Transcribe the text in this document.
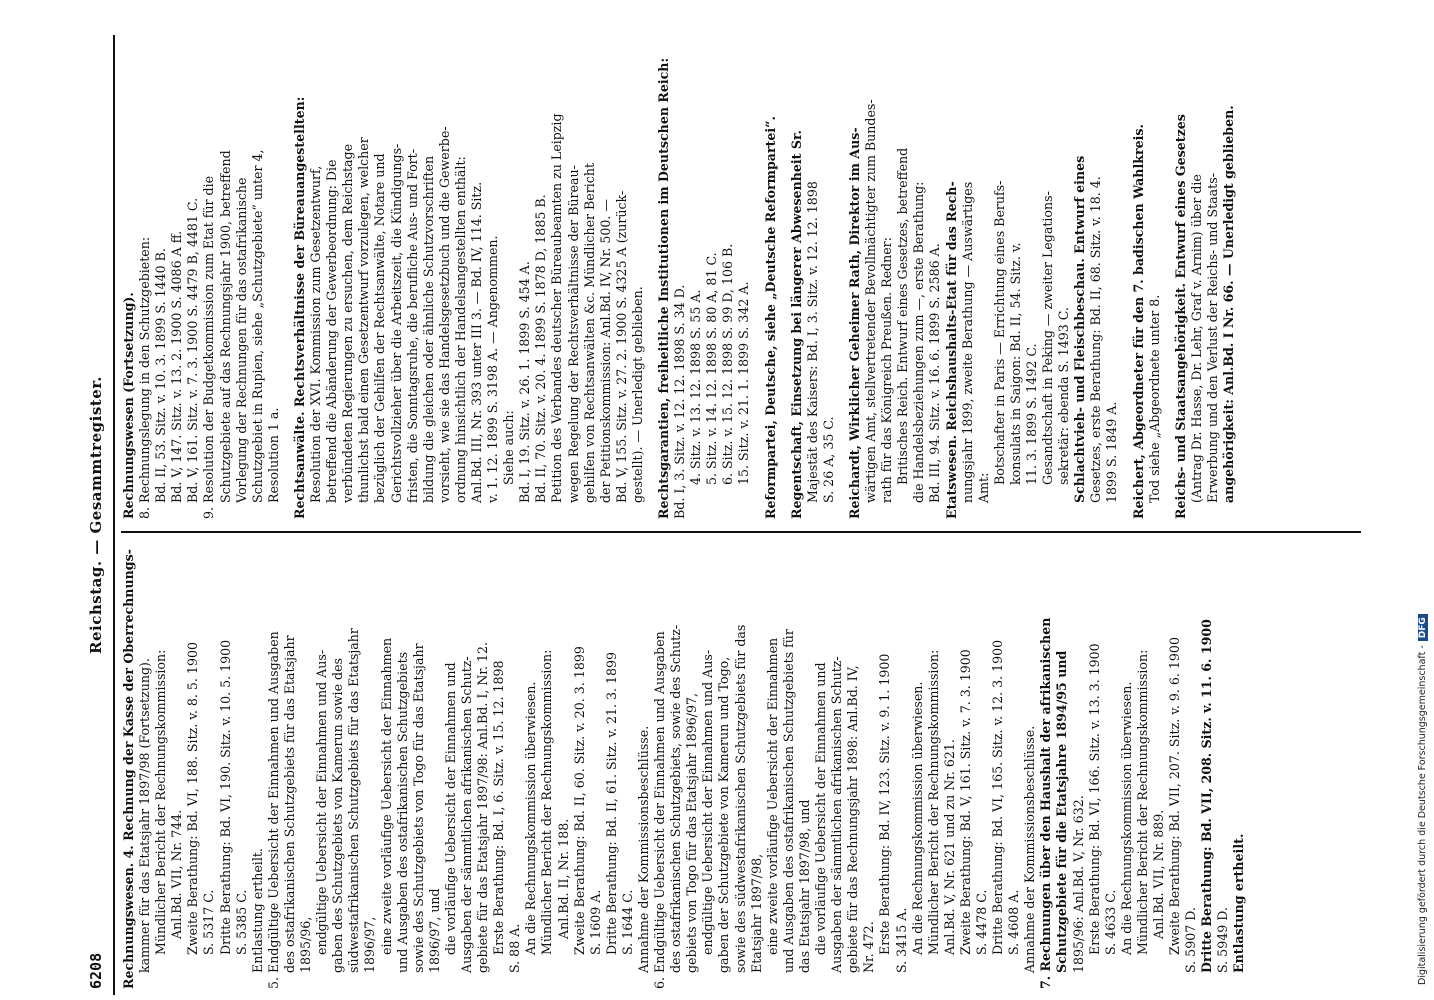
6208
Reichstag. — Gesammtregister.
Rechnungswesen. 4. Rechnung der Kasse der Oberrechnungs- kammer für das Etatsjahr 1897/98 (Fortsetzung). Mündlicher Bericht der Rechnungskommission: Anl.Bd. VII, Nr. 744. Zweite Berathung: Bd. VI, 188. Sitz. v. 8. 5. 1900 S. 5317 C. Dritte Berathung: Bd. VI, 190. Sitz. v. 10. 5. 1900 S. 5385 C. Entlastung ertheilt. 5. Endgültige Uebersicht der Einnahmen und Ausgaben des ostafrikanischen Schutzgebiets für das Etatsjahr 1895/96, endgültige Uebersicht der Einnahmen und Aus- gaben des Schutzgebiets von Kamerun sowie des südwestafrikanischen Schutzgebiets für das Etatsjahr 1896/97, eine zweite vorläufige Uebersicht der Einnahmen und Ausgaben des ostafrikanischen Schutzgebiets sowie des Schutzgebiets von Togo für das Etatsjahr 1896/97, und die vorläufige Uebersicht der Einnahmen und Ausgaben der sämmtlichen afrikanischen Schutz- gebiete für das Etatsjahr 1897/98: Anl.Bd. I, Nr. 12. Erste Berathung: Bd. I, 6. Sitz. v. 15. 12. 1898 S. 88 A. An die Rechnungskommission überwiesen. Mündlicher Bericht der Rechnungskommission: Anl.Bd. II, Nr. 188. Zweite Berathung: Bd. II, 60. Sitz. v. 20. 3. 1899 S. 1609 A. Dritte Berathung: Bd. II, 61. Sitz. v. 21. 3. 1899 S. 1644 C. Annahme der Kommissionsbeschlüsse. 6. Endgültige Uebersicht der Einnahmen und Ausgaben des ostafrikanischen Schutzgebiets, sowie des Schutz- gebiets von Togo für das Etatsjahr 1896/97, endgültige Uebersicht der Einnahmen und Aus- gaben der Schutzgebiete von Kamerun und Togo, sowie des südwestafrikanischen Schutzgebiets für das Etatsjahr 1897/98, eine zweite vorläufige Uebersicht der Einnahmen und Ausgaben des ostafrikanischen Schutzgebiets für das Etatsjahr 1897/98, und die vorläufige Uebersicht der Einnahmen und Ausgaben der sämmtlichen afrikanischen Schutz- gebiete für das Rechnungsjahr 1898: Anl.Bd. IV, Nr. 472. Erste Berathung: Bd. IV, 123. Sitz. v. 9. 1. 1900 S. 3415 A. An die Rechnungskommission überwiesen. Mündlicher Bericht der Rechnungskommission: Anl.Bd. V, Nr. 621 und zu Nr. 621. Zweite Berathung: Bd. V, 161. Sitz. v. 7. 3. 1900 S. 4478 C. Dritte Berathung: Bd. VI, 165. Sitz. v. 12. 3. 1900 S. 4608 A. Annahme der Kommissionsbeschlüsse. 7. Rechnungen über den Haushalt der afrikanischen Schutzgebiete für die Etatsjahre 1894/95 und 1895/96: Anl.Bd. V, Nr. 632. Erste Berathung: Bd. VI, 166. Sitz. v. 13. 3. 1900 S. 4633 C. An die Rechnungskommission überwiesen. Mündlicher Bericht der Rechnungskommission: Anl.Bd. VII, Nr. 889. Zweite Berathung: Bd. VII, 207. Sitz. v. 9. 6. 1900 S. 5907 D. Dritte Berathung: Bd. VII, 208. Sitz. v. 11. 6. 1900 S. 5949 D. Entlastung ertheilt.
Rechnungswesen (Fortsetzung). 8. Rechnungslegung in den Schutzgebieten: Bd. II, 53. Sitz. v. 10. 3. 1899 S. 1440 B. Bd. V, 147. Sitz. v. 13. 2. 1900 S. 4086 A ff. Bd. V, 161. Sitz. v. 7. 3. 1900 S. 4479 B, 4481 C. 9. Resolution der Budgetkommission zum Etat für die Schutzgebiete auf das Rechnungsjahr 1900, betreffend Vorlegung der Rechnungen für das ostafrikanische Schutzgebiet in Rupien, siehe „Schutzgebiete“ unter 4, Resolution 1 a. Rechtsanwälte. Rechtsverhältnisse der Büreauangestellten: Resolution der XVI. Kommission zum Gesetzentwurf, betreffend die Abänderung der Gewerbeordnung: Die verbündeten Regierungen zu ersuchen, dem Reichstage thunlichst bald einen Gesetzentwurf vorzulegen, welcher bezüglich der Gehilfen der Rechtsanwälte, Notare und Gerichtsvollzieher über die Arbeitszeit, die Kündigungs- fristen, die Sonntagsruhe, die berufliche Aus- und Fort- bildung die gleichen oder ähnliche Schutzvorschriften vorsieht, wie sie das Handelsgesetzbuch und die Gewerbe- ordnung hinsichtlich der Handelsangestellten enthält: Anl.Bd. III, Nr. 393 unter III 3. — Bd. IV, 114. Sitz. v. 1. 12. 1899 S. 3198 A. — Angenommen. Siehe auch: Bd. I, 19. Sitz. v. 26. 1. 1899 S. 454 A. Bd. II, 70. Sitz. v. 20. 4. 1899 S. 1878 D, 1885 B. Petition des Verbandes deutscher Büreaubeamten zu Leipzig wegen Regelung der Rechtsverhältnisse der Büreau- gehilfen von Rechtsanwälten &c. Mündlicher Bericht der Petitionskommission: Anl.Bd. IV, Nr. 500. — Bd. V, 155. Sitz. v. 27. 2. 1900 S. 4325 A (zurück- gestellt). — Unerledigt geblieben. Rechtsgarantien, freiheitliche Institutionen im Deutschen Reich: Bd. I, 3. Sitz. v. 12. 12. 1898 S. 34 D. 4. Sitz. v. 13. 12. 1898 S. 55 A. 5. Sitz. v. 14. 12. 1898 S. 80 A, 81 C. 6. Sitz. v. 15. 12. 1898 S. 99 D, 106 B. 15. Sitz. v. 21. 1. 1899 S. 342 A. Reformpartei, Deutsche, siehe „Deutsche Reformpartei“. Regentschaft, Einsetzung bei längerer Abwesenheit Sr. Majestät des Kaisers: Bd. I, 3. Sitz. v. 12. 12. 1898 S. 26 A, 35 C. Reichardt, Wirklicher Geheimer Rath, Direktor im Aus- wärtigen Amt, stellvertretender Bevollmächtigter zum Bundes- rath für das Königreich Preußen. Redner: Britisches Reich. Entwurf eines Gesetzes, betreffend die Handelsbeziehungen zum —, erste Berathung: Bd. III, 94. Sitz. v. 16. 6. 1899 S. 2586 A. Etatswesen. Reichshaushalts-Etat für das Rech- nungsjahr 1899, zweite Berathung — Auswärtiges Amt:
Botschafter in Paris — Errichtung eines Berufs- konsulats in Saigon: Bd. II, 54. Sitz. v. 11. 3. 1899 S. 1492 C. Gesandtschaft in Peking — zweiter Legations- sekretär: ebenda S. 1493 C. Schlachtvieh- und Fleischbeschau. Entwurf eines Gesetzes, erste Berathung: Bd. II, 68. Sitz. v. 18. 4. 1899 S. 1849 A. Reichert, Abgeordneter für den 7. badischen Wahlkreis. Tod siehe „Abgeordnete unter 8. Reichs- und Staatsangehörigkeit. Entwurf eines Gesetzes (Antrag Dr. Hasse, Dr. Lehr, Graf v. Arnim) über die Erwerbung und den Verlust der Reichs- und Staats- angehörigkeit: Anl.Bd. I Nr. 66. — Unerledigt geblieben.
Digitalisierung gefördert durch die Deutsche Forschungsgemeinschaft -DFG
